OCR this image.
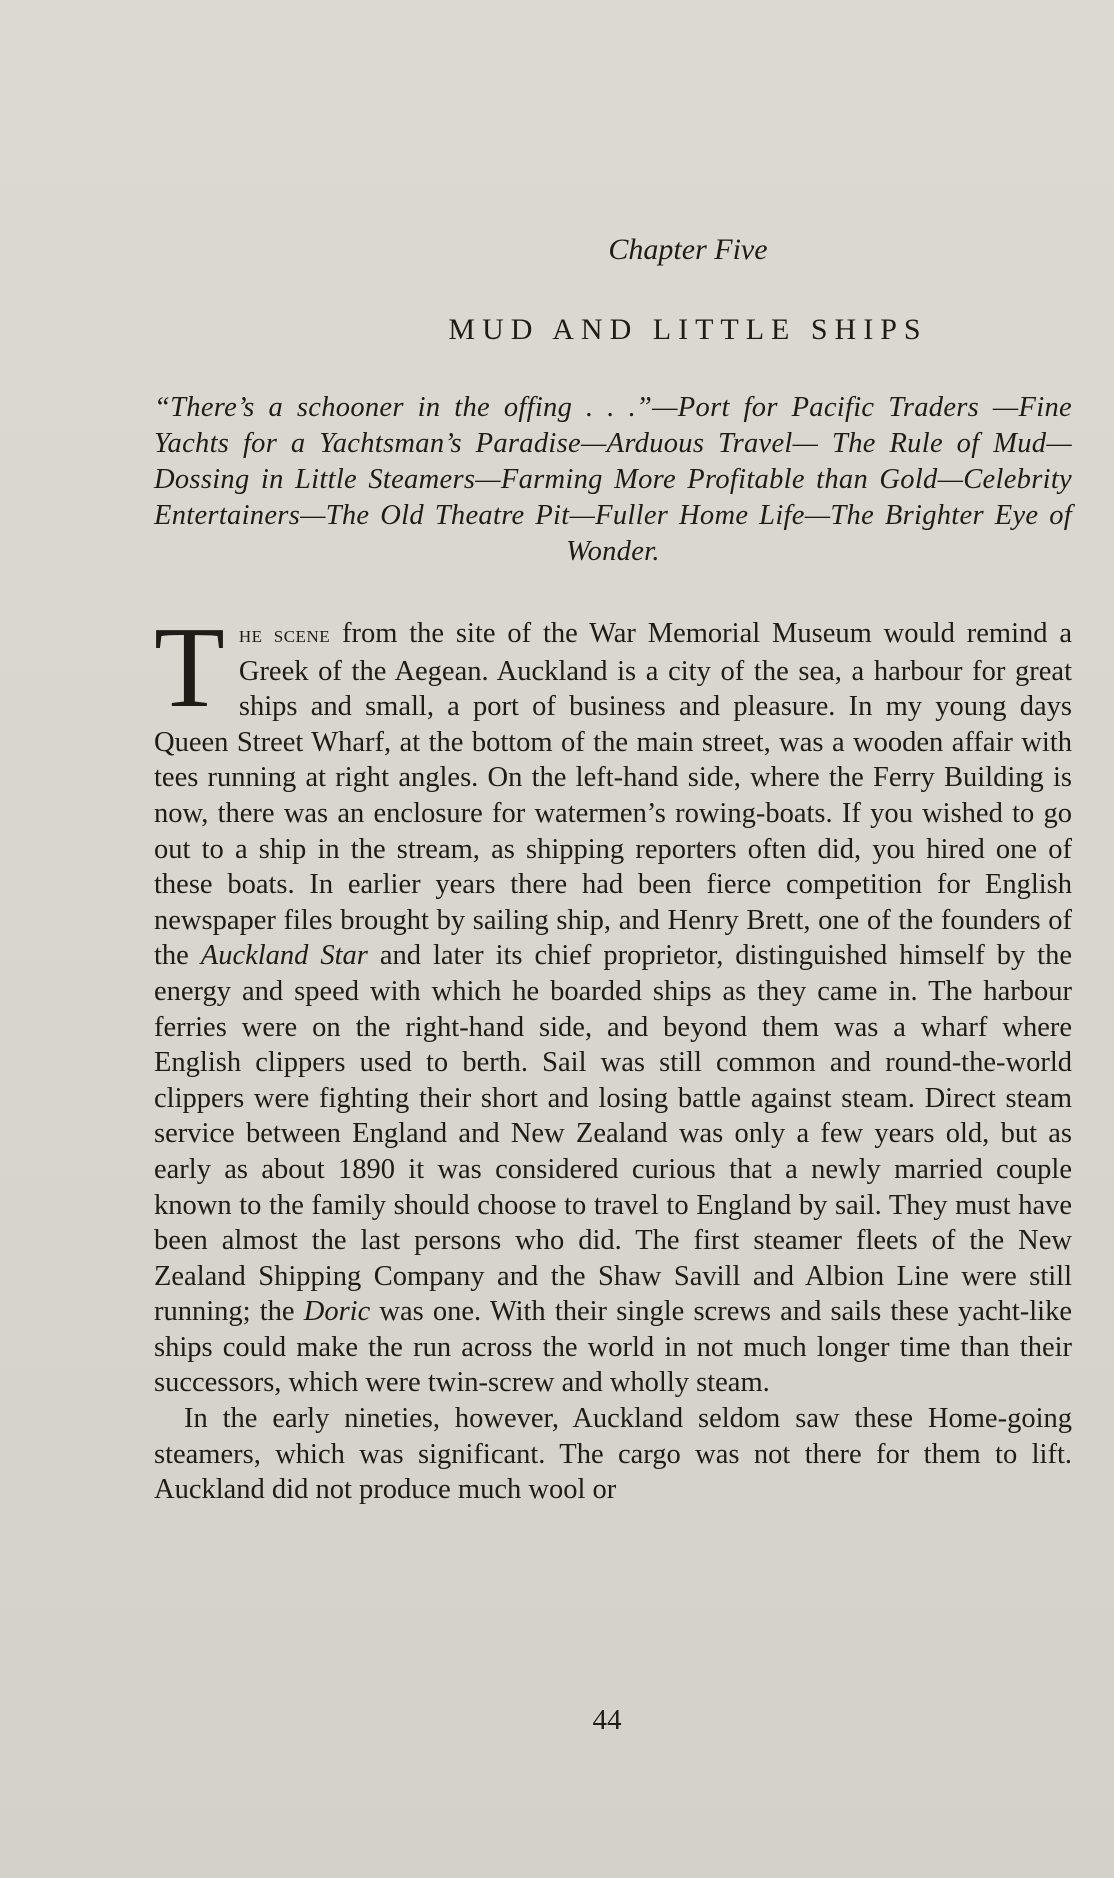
Chapter Five

MUD AND LITTLE SHIPS

“There’s a schooner in the offing . . .”—Port for Pacific Traders —Fine Yachts for a Yachtsman’s Paradise—Arduous Travel— The Rule of Mud—Dossing in Little Steamers—Farming More Profitable than Gold—Celebrity Entertainers—The Old Theatre Pit—Fuller Home Life—The Brighter Eye of Wonder.

The scene from the site of the War Memorial Museum would remind a Greek of the Aegean. Auckland is a city of the sea, a harbour for great ships and small, a port of business and pleasure. In my young days Queen Street Wharf, at the bottom of the main street, was a wooden affair with tees running at right angles. On the left-hand side, where the Ferry Building is now, there was an enclosure for watermen’s rowing-boats. If you wished to go out to a ship in the stream, as shipping reporters often did, you hired one of these boats. In earlier years there had been fierce competition for English newspaper files brought by sailing ship, and Henry Brett, one of the founders of the Auckland Star and later its chief proprietor, distinguished himself by the energy and speed with which he boarded ships as they came in. The harbour ferries were on the right-hand side, and beyond them was a wharf where English clippers used to berth. Sail was still common and round-the-world clippers were fighting their short and losing battle against steam. Direct steam service between England and New Zealand was only a few years old, but as early as about 1890 it was considered curious that a newly married couple known to the family should choose to travel to England by sail. They must have been almost the last persons who did. The first steamer fleets of the New Zealand Shipping Company and the Shaw Savill and Albion Line were still running; the Doric was one. With their single screws and sails these yacht-like ships could make the run across the world in not much longer time than their successors, which were twin-screw and wholly steam.

In the early nineties, however, Auckland seldom saw these Home-going steamers, which was significant. The cargo was not there for them to lift. Auckland did not produce much wool or

44
